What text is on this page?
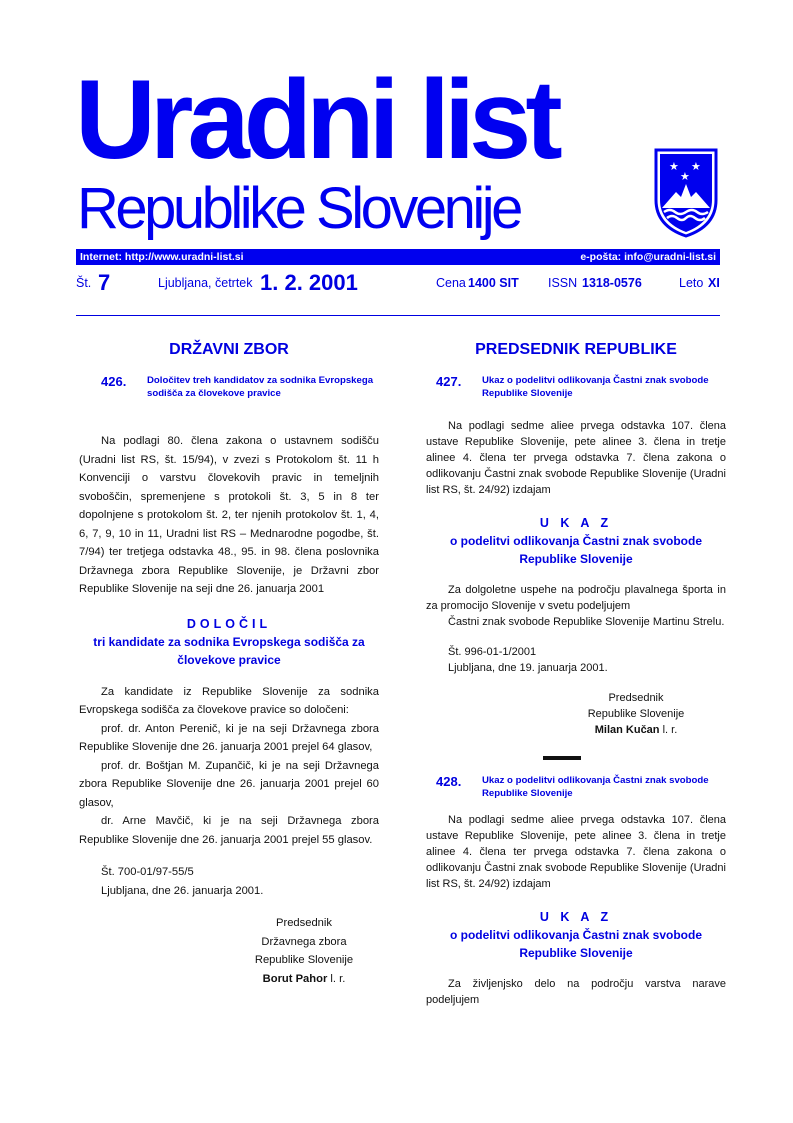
Uradni list
Republike Slovenije
★ ★
★
Internet: http://www.uradni-list.si	e-pošta: info@uradni-list.si
Št. 7	Ljubljana, četrtek 1. 2. 2001	Cena 1400 SIT ISSN 1318-0576	Leto XI
DRŽAVNI ZBOR
426.	Določitev treh kandidatov za sodnika Evropskega sodišča za človekove pravice

Na podlagi 80. člena zakona o ustavnem sodišču (Uradni list RS, št. 15/94), v zvezi s Protokolom št. 11 h Konvenciji o varstvu človekovih pravic in temeljnih svoboščin, spremenjene s protokoli št. 3, 5 in 8 ter dopolnjene s protokolom št. 2, ter njenih protokolov št. 1, 4, 6, 7, 9, 10 in 11, Uradni list RS – Mednarodne pogodbe, št. 7/94) ter tretjega odstavka 48., 95. in 98. člena poslovnika Državnega zbora Republike Slovenije, je Državni zbor Republike Slovenije na seji dne 26. januarja 2001

DOLOČIL
tri kandidate za sodnika Evropskega sodišča za človekove pravice

Za kandidate iz Republike Slovenije za sodnika Evropskega sodišča za človekove pravice so določeni:

prof. dr. Anton Perenič, ki je na seji Državnega zbora Republike Slovenije dne 26. januarja 2001 prejel 64 glasov,

prof. dr. Boštjan M. Zupančič, ki je na seji Državnega zbora Republike Slovenije dne 26. januarja 2001 prejel 60 glasov,

dr. Arne Mavčič, ki je na seji Državnega zbora Republike Slovenije dne 26. januarja 2001 prejel 55 glasov.

Št. 700-01/97-55/5

Ljubljana, dne 26. januarja 2001.

Predsednik
Državnega zbora
Republike Slovenije
Borut Pahor l. r.
PREDSEDNIK REPUBLIKE
427.	Ukaz o podelitvi odlikovanja Častni znak svobode Republike Slovenije

Na podlagi sedme aliee prvega odstavka 107. člena ustave Republike Slovenije, pete alinee 3. člena in tretje alinee 4. člena ter prvega odstavka 7. člena zakona o odlikovanju Častni znak svobode Republike Slovenije (Uradni list RS, št. 24/92) izdajam

U K A Z
o podelitvi odlikovanja Častni znak svobode Republike Slovenije

Za dolgoletne uspehe na področju plavalnega športa in za promocijo Slovenije v svetu podeljujem

Častni znak svobode Republike Slovenije Martinu Strelu.

Št. 996-01-1/2001

Ljubljana, dne 19. januarja 2001.

Predsednik
Republike Slovenije
Milan Kučan l. r.
428.	Ukaz o podelitvi odlikovanja Častni znak svobode Republike Slovenije

Na podlagi sedme aliee prvega odstavka 107. člena ustave Republike Slovenije, pete alinee 3. člena in tretje alinee 4. člena ter prvega odstavka 7. člena zakona o odlikovanju Častni znak svobode Republike Slovenije (Uradni list RS, št. 24/92) izdajam

U K A Z
o podelitvi odlikovanja Častni znak svobode Republike Slovenije

Za življenjsko delo na področju varstva narave podeljujem
